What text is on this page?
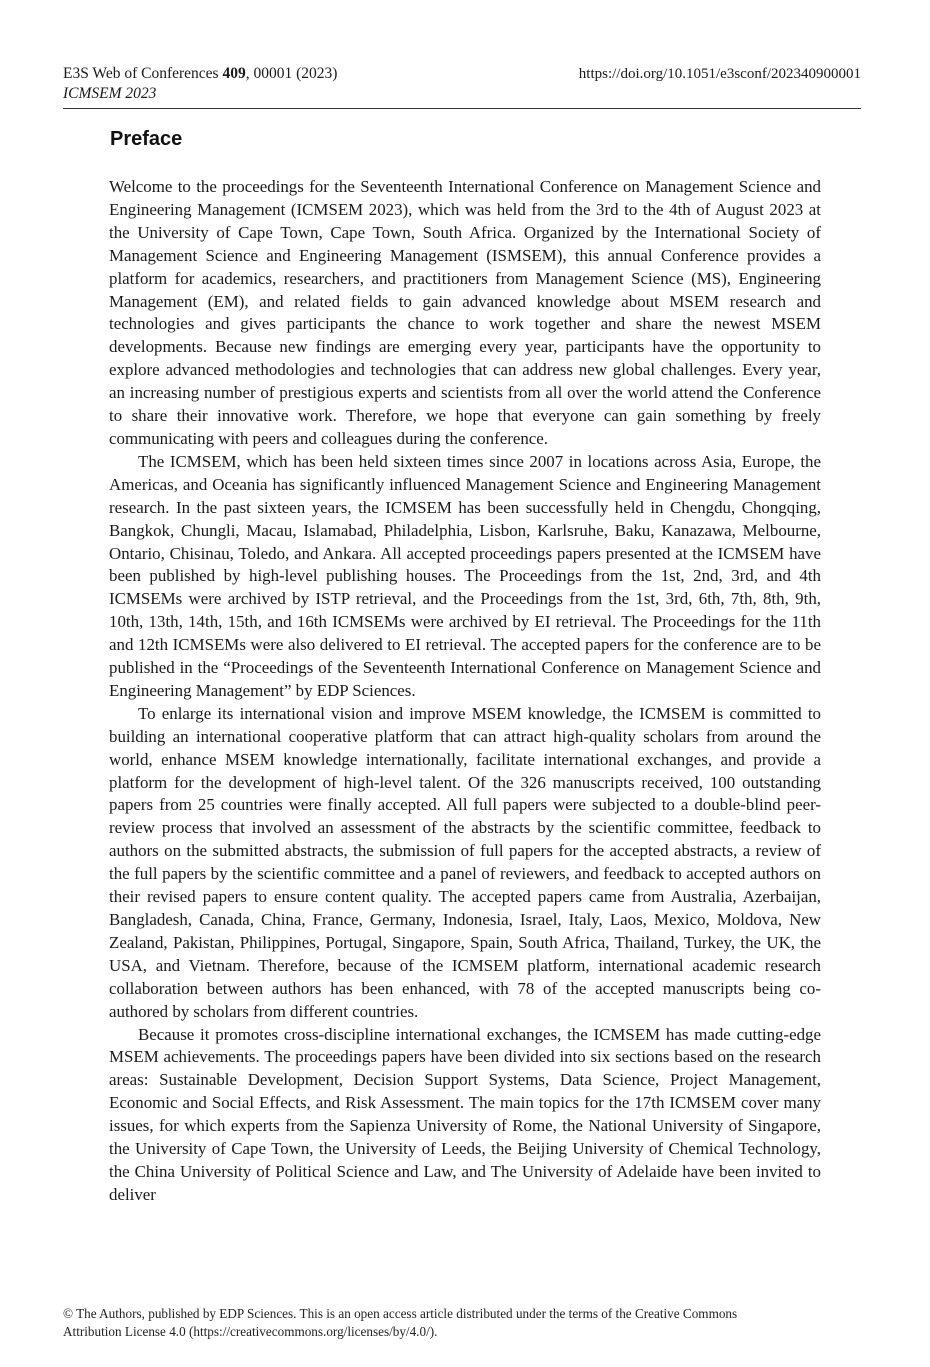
E3S Web of Conferences 409, 00001 (2023)	https://doi.org/10.1051/e3sconf/202340900001
ICMSEM 2023
Preface

Welcome to the proceedings for the Seventeenth International Conference on Management Science and Engineering Management (ICMSEM 2023), which was held from the 3rd to the 4th of August 2023 at the University of Cape Town, Cape Town, South Africa. Organized by the International Society of Management Science and Engineering Management (ISMSEM), this annual Conference provides a platform for academics, researchers, and practitioners from Management Science (MS), Engineering Management (EM), and related fields to gain advanced knowledge about MSEM research and technologies and gives participants the chance to work together and share the newest MSEM developments. Because new findings are emerging every year, participants have the opportunity to explore advanced methodologies and technologies that can address new global challenges. Every year, an increasing number of prestigious experts and scientists from all over the world attend the Conference to share their innovative work. Therefore, we hope that everyone can gain something by freely communicating with peers and colleagues during the conference.

The ICMSEM, which has been held sixteen times since 2007 in locations across Asia, Europe, the Americas, and Oceania has significantly influenced Management Science and Engineering Management research. In the past sixteen years, the ICMSEM has been successfully held in Chengdu, Chongqing, Bangkok, Chungli, Macau, Islamabad, Philadelphia, Lisbon, Karlsruhe, Baku, Kanazawa, Melbourne, Ontario, Chisinau, Toledo, and Ankara. All accepted proceedings papers presented at the ICMSEM have been published by high-level publishing houses. The Proceedings from the 1st, 2nd, 3rd, and 4th ICMSEMs were archived by ISTP retrieval, and the Proceedings from the 1st, 3rd, 6th, 7th, 8th, 9th, 10th, 13th, 14th, 15th, and 16th ICMSEMs were archived by EI retrieval. The Proceedings for the 11th and 12th ICMSEMs were also delivered to EI retrieval. The accepted papers for the conference are to be published in the “Proceedings of the Seventeenth International Conference on Management Science and Engineering Management” by EDP Sciences.

To enlarge its international vision and improve MSEM knowledge, the ICMSEM is committed to building an international cooperative platform that can attract high-quality scholars from around the world, enhance MSEM knowledge internationally, facilitate international exchanges, and provide a platform for the development of high-level talent. Of the 326 manuscripts received, 100 outstanding papers from 25 countries were finally accepted. All full papers were subjected to a double-blind peer-review process that involved an assessment of the abstracts by the scientific committee, feedback to authors on the submitted abstracts, the submission of full papers for the accepted abstracts, a review of the full papers by the scientific committee and a panel of reviewers, and feedback to accepted authors on their revised papers to ensure content quality. The accepted papers came from Australia, Azerbaijan, Bangladesh, Canada, China, France, Germany, Indonesia, Israel, Italy, Laos, Mexico, Moldova, New Zealand, Pakistan, Philippines, Portugal, Singapore, Spain, South Africa, Thailand, Turkey, the UK, the USA, and Vietnam. Therefore, because of the ICMSEM platform, international academic research collaboration between authors has been enhanced, with 78 of the accepted manuscripts being co-authored by scholars from different countries.

Because it promotes cross-discipline international exchanges, the ICMSEM has made cutting-edge MSEM achievements. The proceedings papers have been divided into six sections based on the research areas: Sustainable Development, Decision Support Systems, Data Science, Project Management, Economic and Social Effects, and Risk Assessment. The main topics for the 17th ICMSEM cover many issues, for which experts from the Sapienza University of Rome, the National University of Singapore, the University of Cape Town, the University of Leeds, the Beijing University of Chemical Technology, the China University of Political Science and Law, and The University of Adelaide have been invited to deliver

© The Authors, published by EDP Sciences. This is an open access article distributed under the terms of the Creative Commons
Attribution License 4.0 (https://creativecommons.org/licenses/by/4.0/).
